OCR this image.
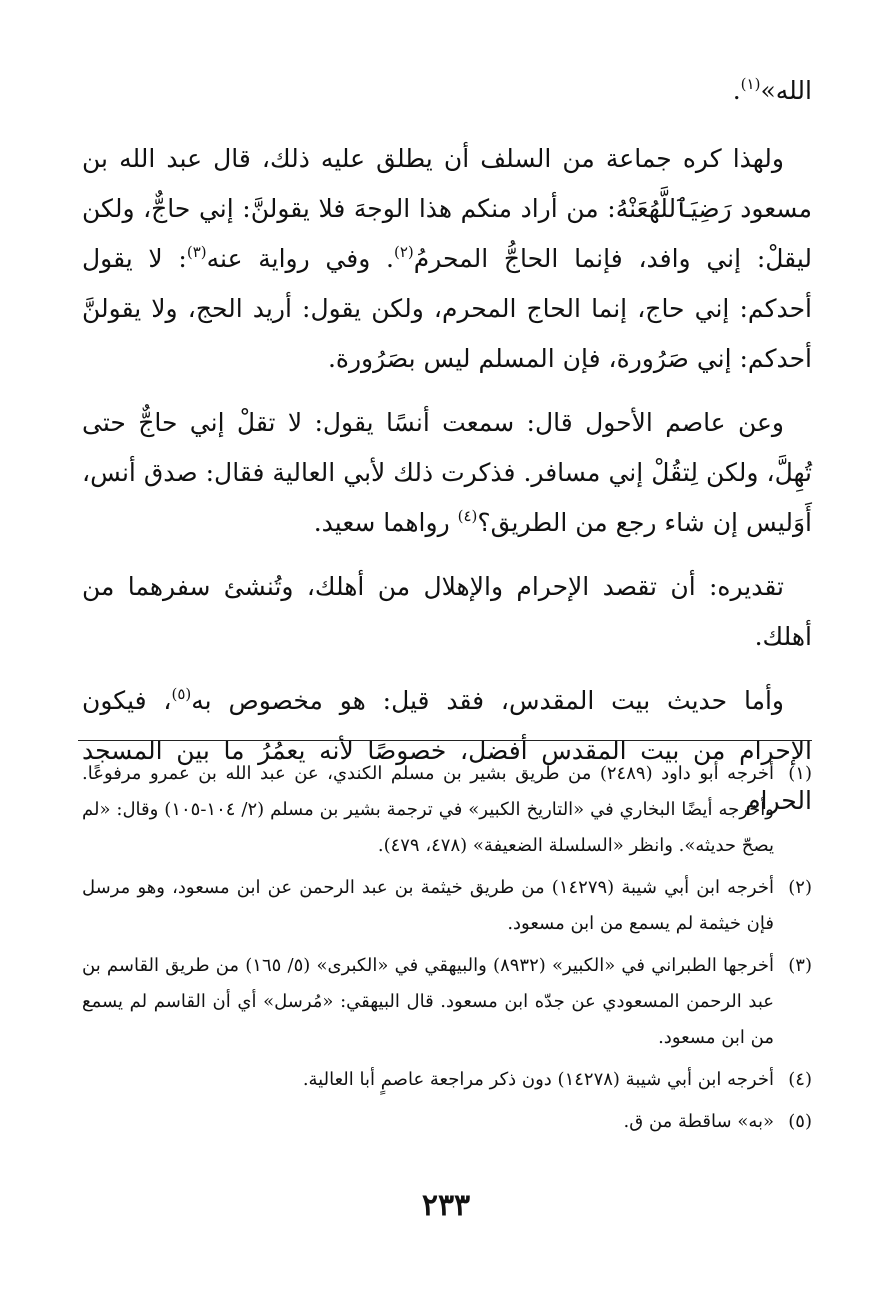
الله»$^{(١)}$.

ولهذا كره جماعة من السلف أن يطلق عليه ذلك، قال عبد الله بن مسعود رَضِيَٱللَّهُعَنْهُ: من أراد منكم هذا الوجهَ فلا يقولنَّ: إني حاجٌّ، ولكن ليقلْ: إني وافد، فإنما الحاجُّ المحرمُ$^{(٢)}$. وفي رواية عنه$^{(٣)}$: لا يقول أحدكم: إني حاج، إنما الحاج المحرم، ولكن يقول: أريد الحج، ولا يقولنَّ أحدكم: إني صَرُورة، فإن المسلم ليس بصَرُورة.

وعن عاصم الأحول قال: سمعت أنسًا يقول: لا تقلْ إني حاجٌّ حتى تُهِلَّ، ولكن لِتقُلْ إني مسافر. فذكرت ذلك لأبي العالية فقال: صدق أنس، أَوَليس إن شاء رجع من الطريق؟$^{(٤)}$ رواهما سعيد.

تقديره: أن تقصد الإحرام والإهلال من أهلك، وتُنشئ سفرهما من أهلك.

وأما حديث بيت المقدس، فقد قيل: هو مخصوص به$^{(٥)}$، فيكون الإحرام من بيت المقدس أفضل، خصوصًا لأنه يعمُرُ ما بين المسجد الحرام

(١)
أخرجه أبو داود (٢٤٨٩) من طريق بشير بن مسلم الكندي، عن عبد الله بن عمرو مرفوعًا. وأخرجه أيضًا البخاري في «التاريخ الكبير» في ترجمة بشير بن مسلم (٢/ ١٠٤-١٠٥) وقال: «لم يصحّ حديثه». وانظر «السلسلة الضعيفة» (٤٧٨، ٤٧٩).
(٢)
أخرجه ابن أبي شيبة (١٤٢٧٩) من طريق خيثمة بن عبد الرحمن عن ابن مسعود، وهو مرسل فإن خيثمة لم يسمع من ابن مسعود.
(٣)
أخرجها الطبراني في «الكبير» (٨٩٣٢) والبيهقي في «الكبرى» (٥/ ١٦٥) من طريق القاسم بن عبد الرحمن المسعودي عن جدّه ابن مسعود. قال البيهقي: «مُرسل» أي أن القاسم لم يسمع من ابن مسعود.
(٤)
أخرجه ابن أبي شيبة (١٤٢٧٨) دون ذكر مراجعة عاصمٍ أبا العالية.
(٥)
«به» ساقطة من ق.
٢٣٣
